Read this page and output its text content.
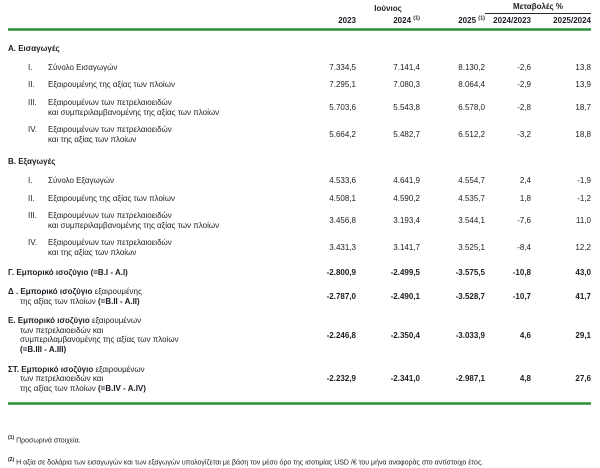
Ιούνιος	Μεταβολές %
2023	2024 $^{(1)}$	2025 $^{(1)}$	2024/2023	2025/2024
Α. Εισαγωγές
I.	Σύνολο Εισαγωγών	7.334,5	7.141,4	8.130,2	-2,6	13,8
II.	Εξαιρουμένης της αξίας των πλοίων	7.295,1	7.080,3	8.064,4	-2,9	13,9
III.	Εξαιρουμένων των πετρελαιοειδών
και συμπεριλαμβανομένης της αξίας των πλοίων
5.703,6	5.543,8	6.578,0	-2,8	18,7
IV.	Εξαιρουμένων των πετρελαιοειδών
και της αξίας των πλοίων
5.664,2	5.482,7	6.512,2	-3,2	18,8
Β. Εξαγωγές
I.	Σύνολο Εξαγωγών	4.533,6	4.641,9	4.554,7	2,4	-1,9
II.	Εξαιρουμένης της αξίας των πλοίων	4.508,1	4.590,2	4.535,7	1,8	-1,2
III.	Εξαιρουμένων των πετρελαιοειδών
και συμπεριλαμβανομένης της αξίας των πλοίων
3.456,8	3.193,4	3.544,1	-7,6	11,0
IV.	Εξαιρουμένων των πετρελαιοειδών
και της αξίας των πλοίων
3.431,3	3.141,7	3.525,1	-8,4	12,2
Γ. Εμπορικό ισοζύγιο (=B.I - A.I)	-2.800,9	-2.499,5	-3.575,5	-10,8	43,0
Δ . Εμπορικό ισοζύγιο εξαιρουμένης
της αξίας των πλοίων (=B.II - A.II)
-2.787,0	-2.490,1	-3.528,7	-10,7	41,7
Ε. Εμπορικό ισοζύγιο εξαιρουμένων
των πετρελαιοειδών και
συμπεριλαμβανομένης της αξίας των πλοίων
(=B.III - A.III)
-2.246,8	-2.350,4	-3.033,9	4,6	29,1
ΣΤ. Εμπορικό ισοζύγιο εξαιρουμένων
των πετρελαιοειδών και
της αξίας των πλοίων (=B.IV - A.IV)
-2.232,9	-2.341,0	-2.987,1	4,8	27,6
$^{(1)}$ Προσωρινά στοιχεία.
$^{(2)}$ Η αξία σε δολάρια των εισαγωγών και των εξαγωγών υπολογίζεται με βάση τον μέσο όρο της ισοτιμίας USD /€ του μήνα αναφοράς στο αντίστοιχο έτος.
